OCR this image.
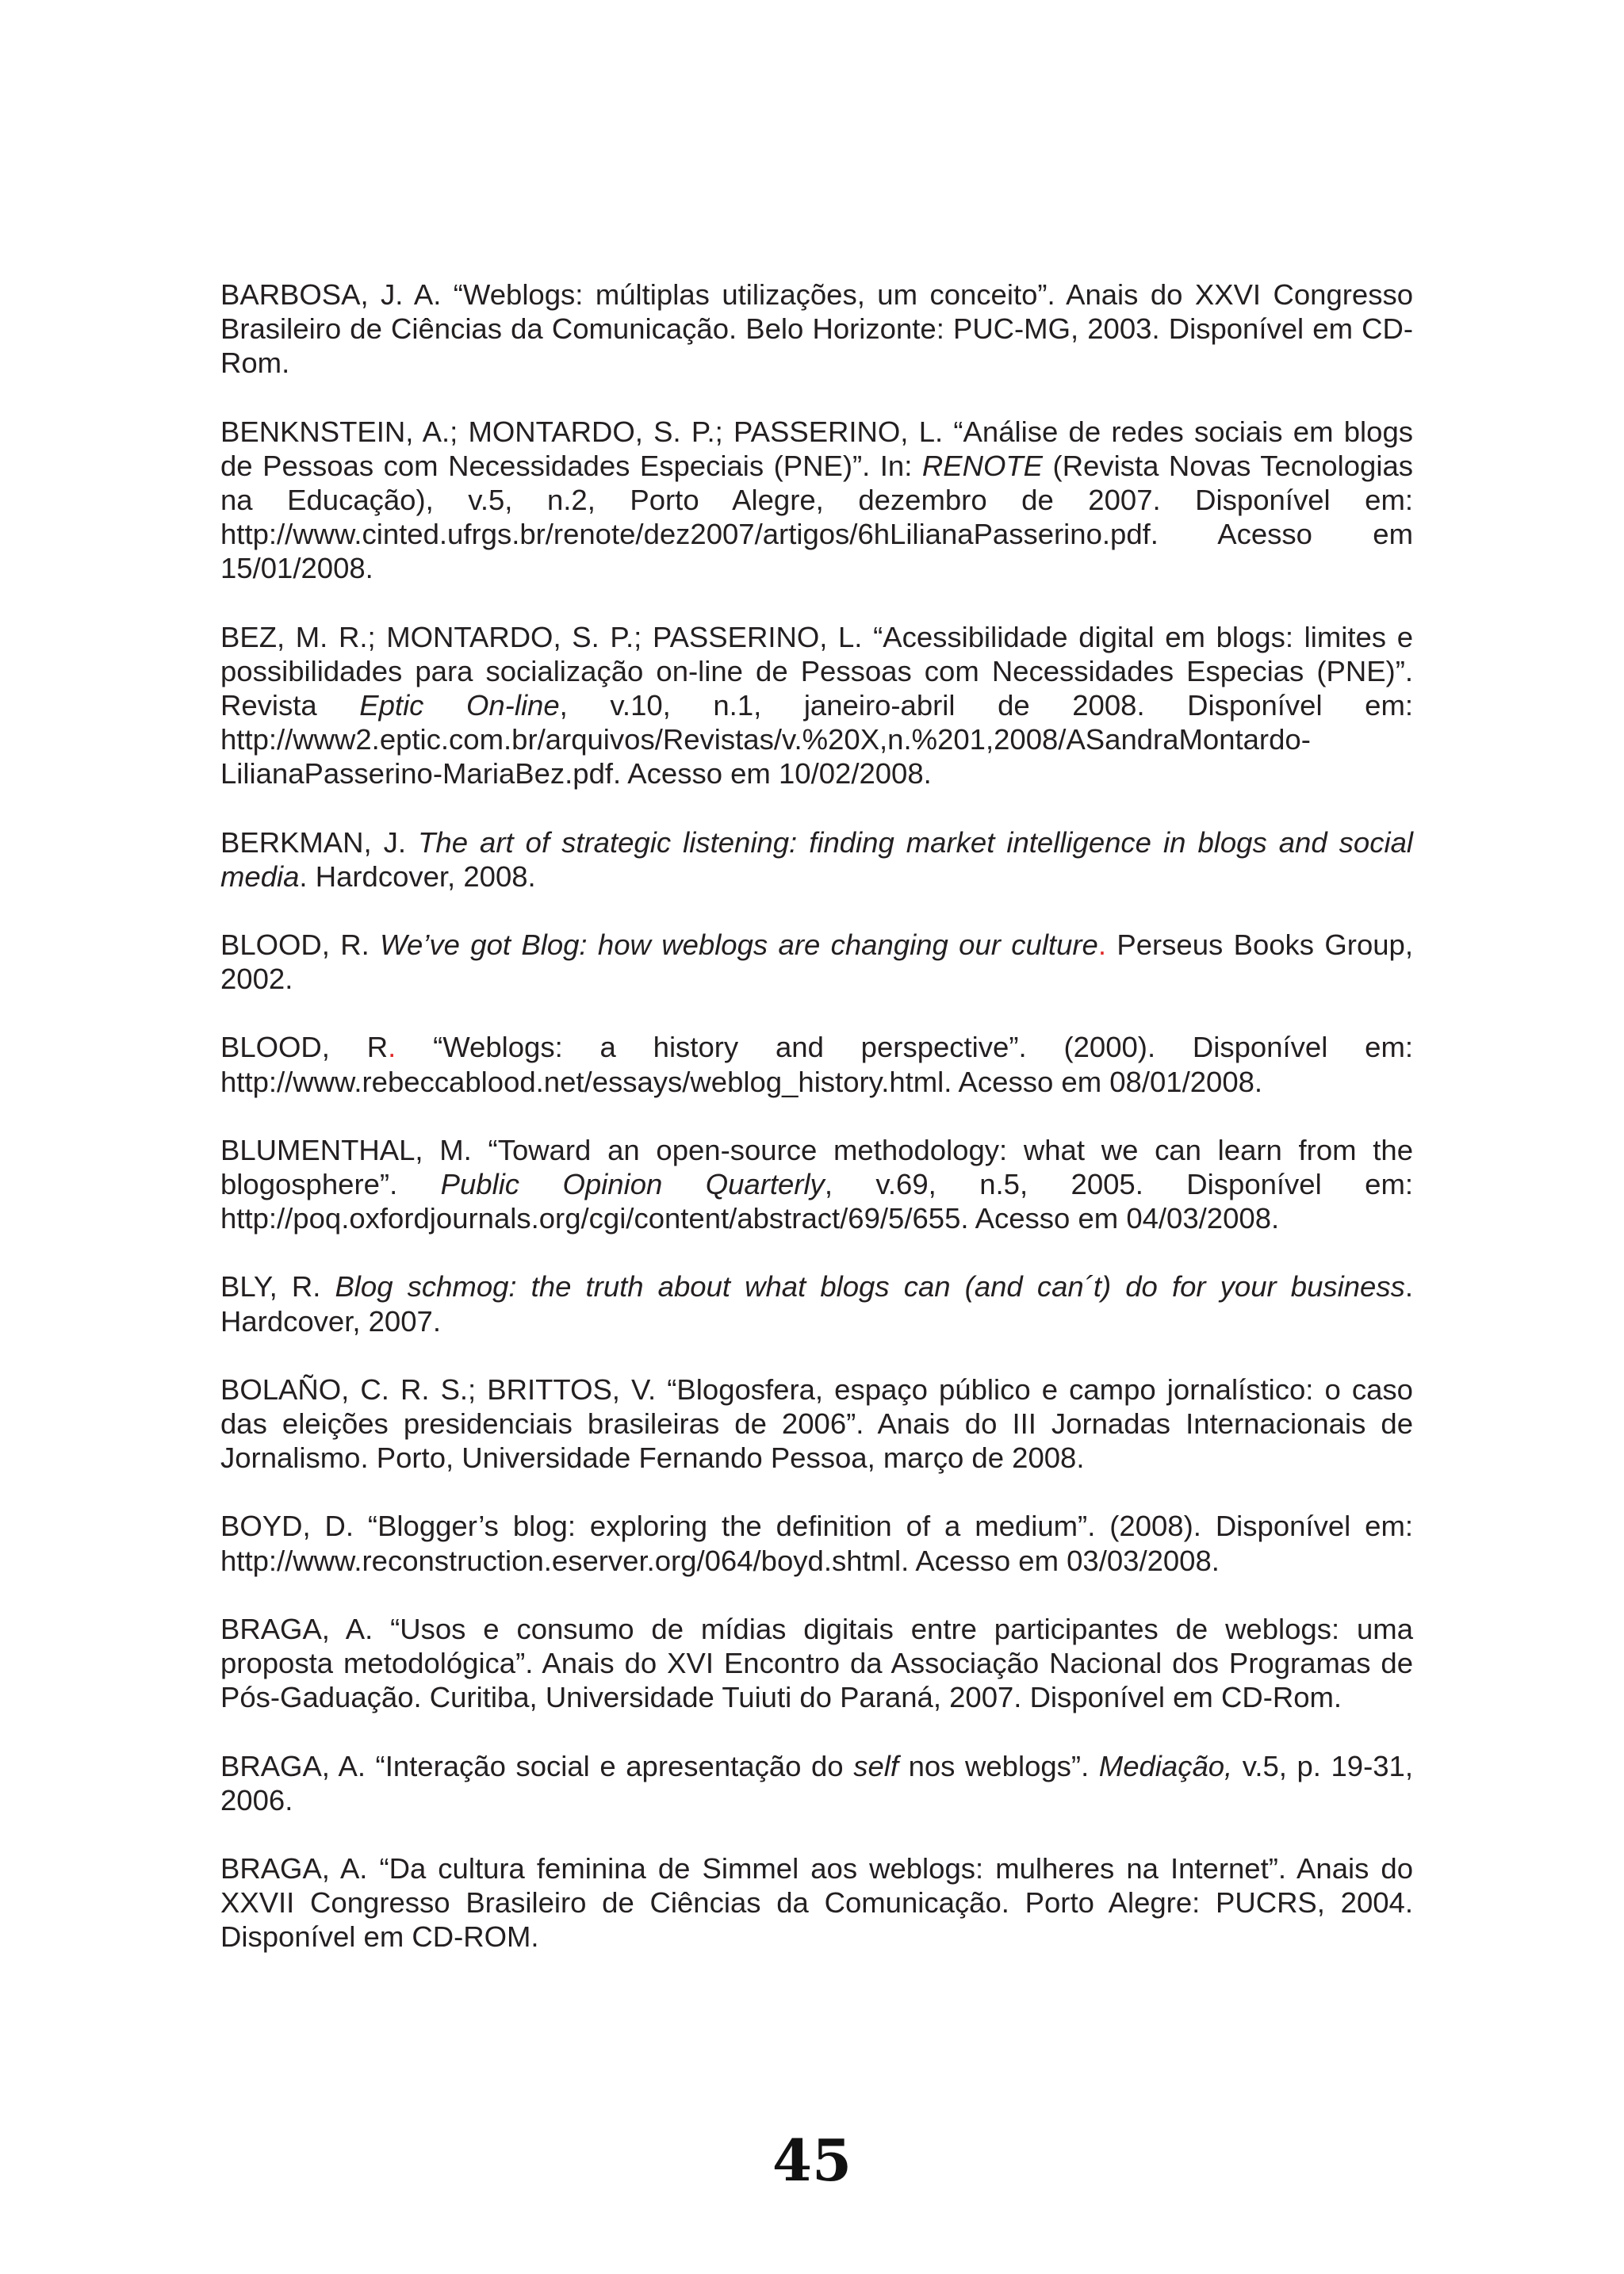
BARBOSA, J. A. “Weblogs: múltiplas utilizações, um conceito”. Anais do XXVI Congresso Brasileiro de Ciências da Comunicação. Belo Horizonte: PUC-MG, 2003. Disponível em CD-Rom.

BENKNSTEIN, A.; MONTARDO, S. P.; PASSERINO, L. “Análise de redes sociais em blogs de Pessoas com Necessidades Especiais (PNE)”. In: RENOTE (Revista Novas Tecnologias na Educação), v.5, n.2, Porto Alegre, dezembro de 2007. Disponível em: http://www.cinted.ufrgs.br/renote/dez2007/artigos/6hLilianaPasserino.pdf. Acesso em 15/01/2008.

BEZ, M. R.; MONTARDO, S. P.; PASSERINO, L. “Acessibilidade digital em blogs: limites e possibilidades para socialização on-line de Pessoas com Necessidades Especias (PNE)”. Revista Eptic On-line, v.10, n.1, janeiro-abril de 2008. Disponível em: http://www2.eptic.com.br/arquivos/Revistas/v.%20X,n.%201,2008/ASandraMontardo-LilianaPasserino-MariaBez.pdf. Acesso em 10/02/2008.

BERKMAN, J. The art of strategic listening: finding market intelligence in blogs and social media. Hardcover, 2008.

BLOOD, R. We’ve got Blog: how weblogs are changing our culture. Perseus Books Group, 2002.

BLOOD, R. “Weblogs: a history and perspective”. (2000). Disponível em: http://www.rebeccablood.net/essays/weblog_history.html. Acesso em 08/01/2008.

BLUMENTHAL, M. “Toward an open-source methodology: what we can learn from the blogosphere”. Public Opinion Quarterly, v.69, n.5, 2005. Disponível em: http://poq.oxfordjournals.org/cgi/content/abstract/69/5/655. Acesso em 04/03/2008.

BLY, R. Blog schmog: the truth about what blogs can (and can´t) do for your business. Hardcover, 2007.

BOLAÑO, C. R. S.; BRITTOS, V. “Blogosfera, espaço público e campo jornalístico: o caso das eleições presidenciais brasileiras de 2006”. Anais do III Jornadas Internacionais de Jornalismo. Porto, Universidade Fernando Pessoa, março de 2008.

BOYD, D. “Blogger’s blog: exploring the definition of a medium”. (2008). Disponível em: http://www.reconstruction.eserver.org/064/boyd.shtml. Acesso em 03/03/2008.

BRAGA, A. “Usos e consumo de mídias digitais entre participantes de weblogs: uma proposta metodológica”. Anais do XVI Encontro da Associação Nacional dos Programas de Pós-Gaduação. Curitiba, Universidade Tuiuti do Paraná, 2007. Disponível em CD-Rom.

BRAGA, A. “Interação social e apresentação do self nos weblogs”. Mediação, v.5, p. 19-31, 2006.

BRAGA, A. “Da cultura feminina de Simmel aos weblogs: mulheres na Internet”. Anais do XXVII Congresso Brasileiro de Ciências da Comunicação. Porto Alegre: PUCRS, 2004. Disponível em CD-ROM.

45
